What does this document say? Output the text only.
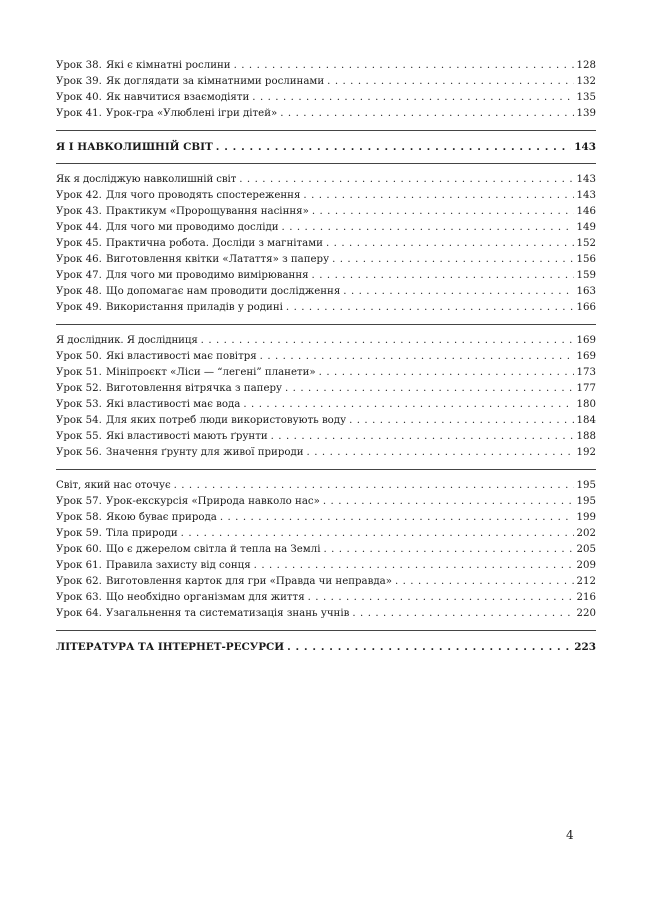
Урок 38. Які є кімнатні рослини . . .	128
Урок 39. Як доглядати за кімнатними рослинами . . .	132
Урок 40. Як навчитися взаємодіяти . . .	135
Урок 41. Урок-гра «Улюблені ігри дітей» . . .	139
Я І НАВКОЛИШНІЙ СВІТ . . .	143
Як я досліджую навколишній світ . . .	143
Урок 42. Для чого проводять спостереження . . .	143
Урок 43. Практикум «Пророщування насіння» . . .	146
Урок 44. Для чого ми проводимо досліди . . .	149
Урок 45. Практична робота. Досліди з магнітами . . .	152
Урок 46. Виготовлення квітки «Латаття» з паперу . . .	156
Урок 47. Для чого ми проводимо вимірювання . . .	159
Урок 48. Що допомагає нам проводити дослідження . . .	163
Урок 49. Використання приладів у родині . . .	166
Я дослідник. Я дослідниця . . .	169
Урок 50. Які властивості має повітря . . .	169
Урок 51. Мініпроєкт «Ліси — “легені” планети» . . .	173
Урок 52. Виготовлення вітрячка з паперу . . .	177
Урок 53. Які властивості має вода . . .	180
Урок 54. Для яких потреб люди використовують воду . . .	184
Урок 55. Які властивості мають ґрунти . . .	188
Урок 56. Значення ґрунту для живої природи . . .	192
Світ, який нас оточує . . .	195
Урок 57. Урок-екскурсія «Природа навколо нас» . . .	195
Урок 58. Якою буває природа . . .	199
Урок 59. Тіла природи . . .	202
Урок 60. Що є джерелом світла й тепла на Землі . . .	205
Урок 61. Правила захисту від сонця . . .	209
Урок 62. Виготовлення карток для гри «Правда чи неправда» . . .	212
Урок 63. Що необхідно організмам для життя . . .	216
Урок 64. Узагальнення та систематизація знань учнів . . .	220
ЛІТЕРАТУРА ТА ІНТЕРНЕТ-РЕСУРСИ . . .	223
4
